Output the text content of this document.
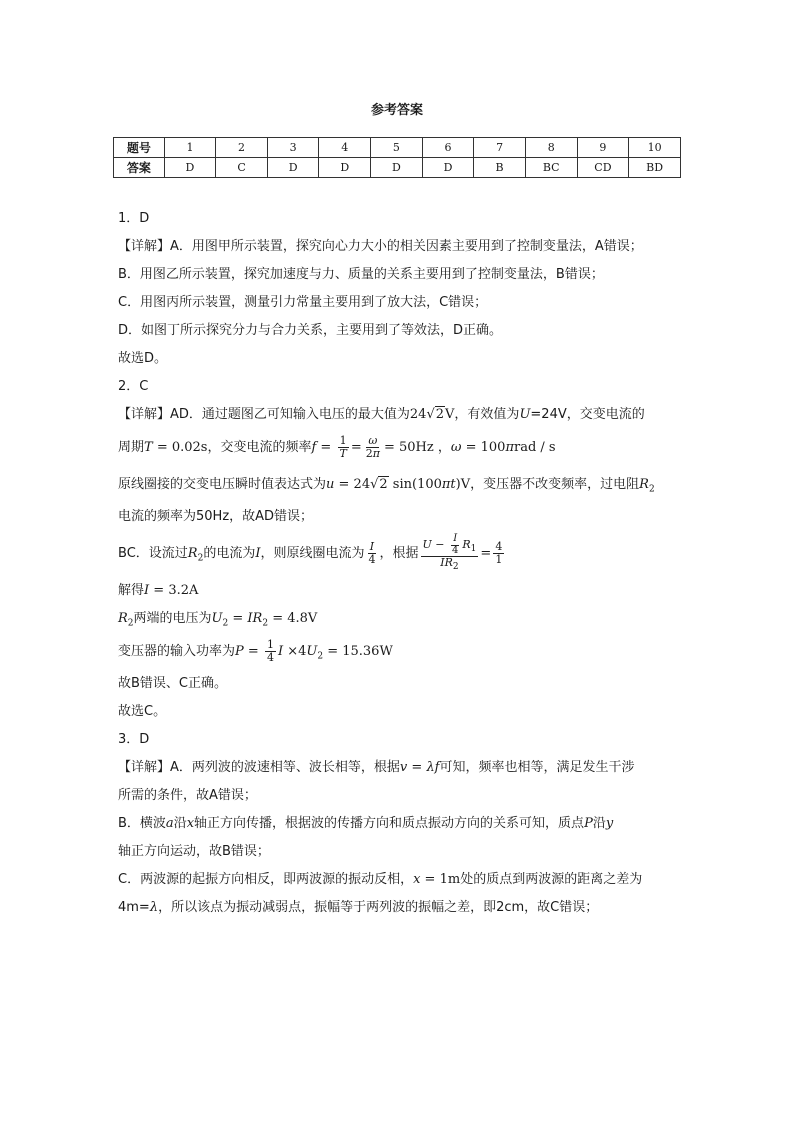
参考答案
题号	1	2	3	4	5	6	7	8	9	10
答案	D	C	D	D	D	D	B	BC	CD	BD
1．D
【详解】A．用图甲所示装置，探究向心力大小的相关因素主要用到了控制变量法，A错误；
B．用图乙所示装置，探究加速度与力、质量的关系主要用到了控制变量法，B错误；
C．用图丙所示装置，测量引力常量主要用到了放大法，C错误；
D．如图丁所示探究分力与合力关系，主要用到了等效法，D正确。
故选D。
2．C
【详解】AD．通过题图乙可知输入电压的最大值为24√2V，有效值为U=24V，交变电流的
周期T = 0.02s，交变电流的频率$f = \frac{1}{T} = \frac{\omega}{2\pi} = 50Hz$ ，ω = 100πrad / s
原线圈接的交变电压瞬时值表达式为u = 24√2 sin(100πt)V，变压器不改变频率，过电阻$R_2$
电流的频率为50Hz，故AD错误；
BC．设流过$R_2$的电流为I，则原线圈电流为 $\frac{I}{4}$ ，根据 $\frac{U - \frac{I}{4} R_1}{IR_2} = \frac{4}{1}$
解得I = 3.2A
$R_2$两端的电压为$U_2 = IR_2 = 4.8V$
变压器的输入功率为$P = \frac{1}{4}$ $I \times 4U_2 = 15.36W$
故B错误、C正确。
故选C。
3．D
【详解】A．两列波的波速相等、波长相等，根据v = λf可知，频率也相等，满足发生干涉
所需的条件，故A错误；
B．横波a沿x轴正方向传播，根据波的传播方向和质点振动方向的关系可知，质点P沿y
轴正方向运动，故B错误；
C．两波源的起振方向相反，即两波源的振动反相，x = 1m处的质点到两波源的距离之差为
4m=λ，所以该点为振动减弱点，振幅等于两列波的振幅之差，即2cm，故C错误；
